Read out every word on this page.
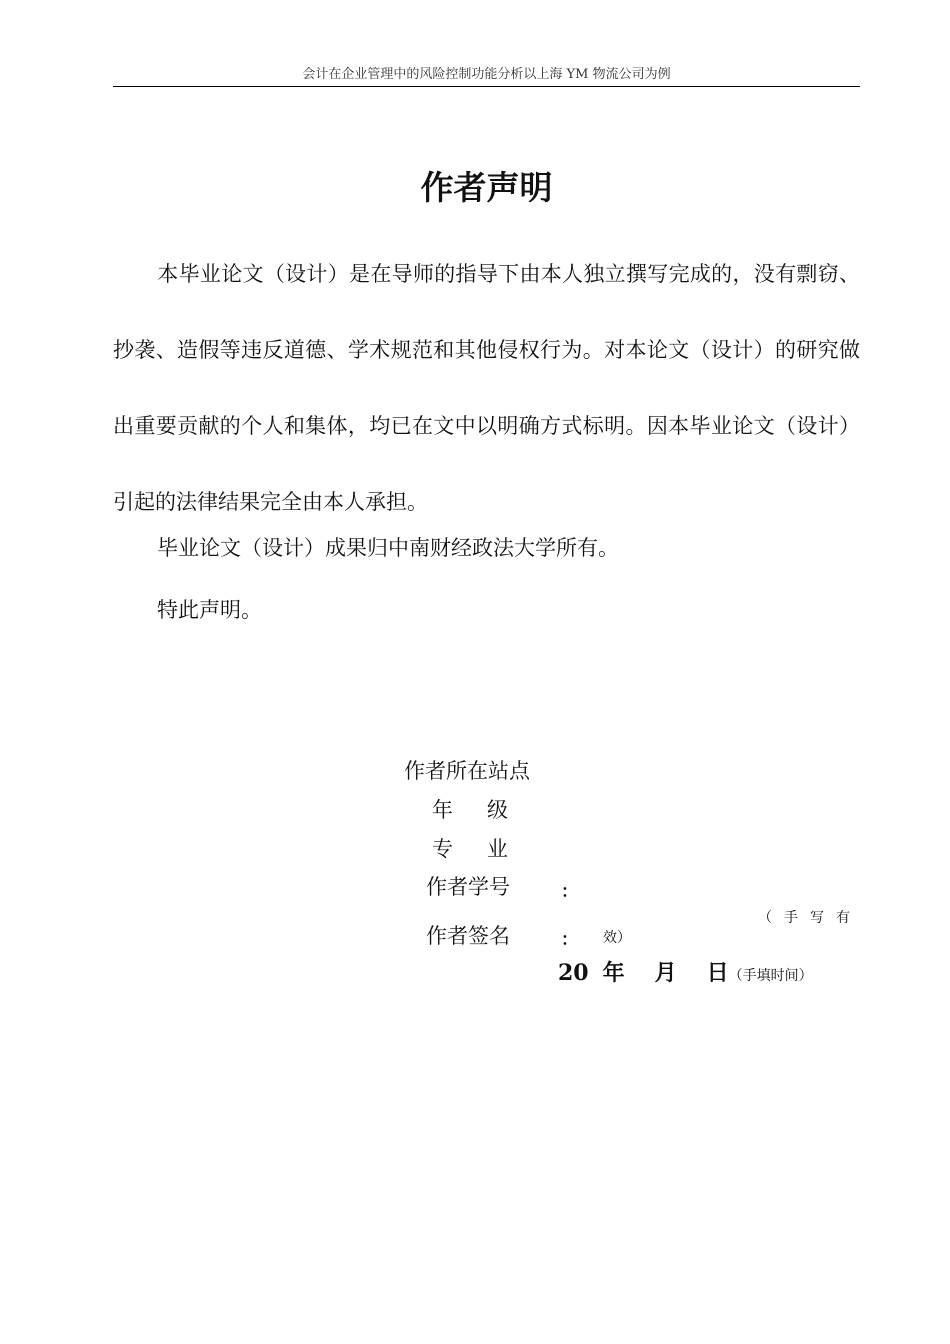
会计在企业管理中的风险控制功能分析以上海 YM 物流公司为例
作者声明

本毕业论文（设计）是在导师的指导下由本人独立撰写完成的，没有剽窃、抄袭、造假等违反道德、学术规范和其他侵权行为。对本论文（设计）的研究做出重要贡献的个人和集体，均已在文中以明确方式标明。因本毕业论文（设计）引起的法律结果完全由本人承担。

毕业论文（设计）成果归中南财经政法大学所有。

特此声明。

作者所在站点
年 级
专 业
作者学号	：
作者签名	：
（手写有
效）
20 年 月 日（手填时间）
